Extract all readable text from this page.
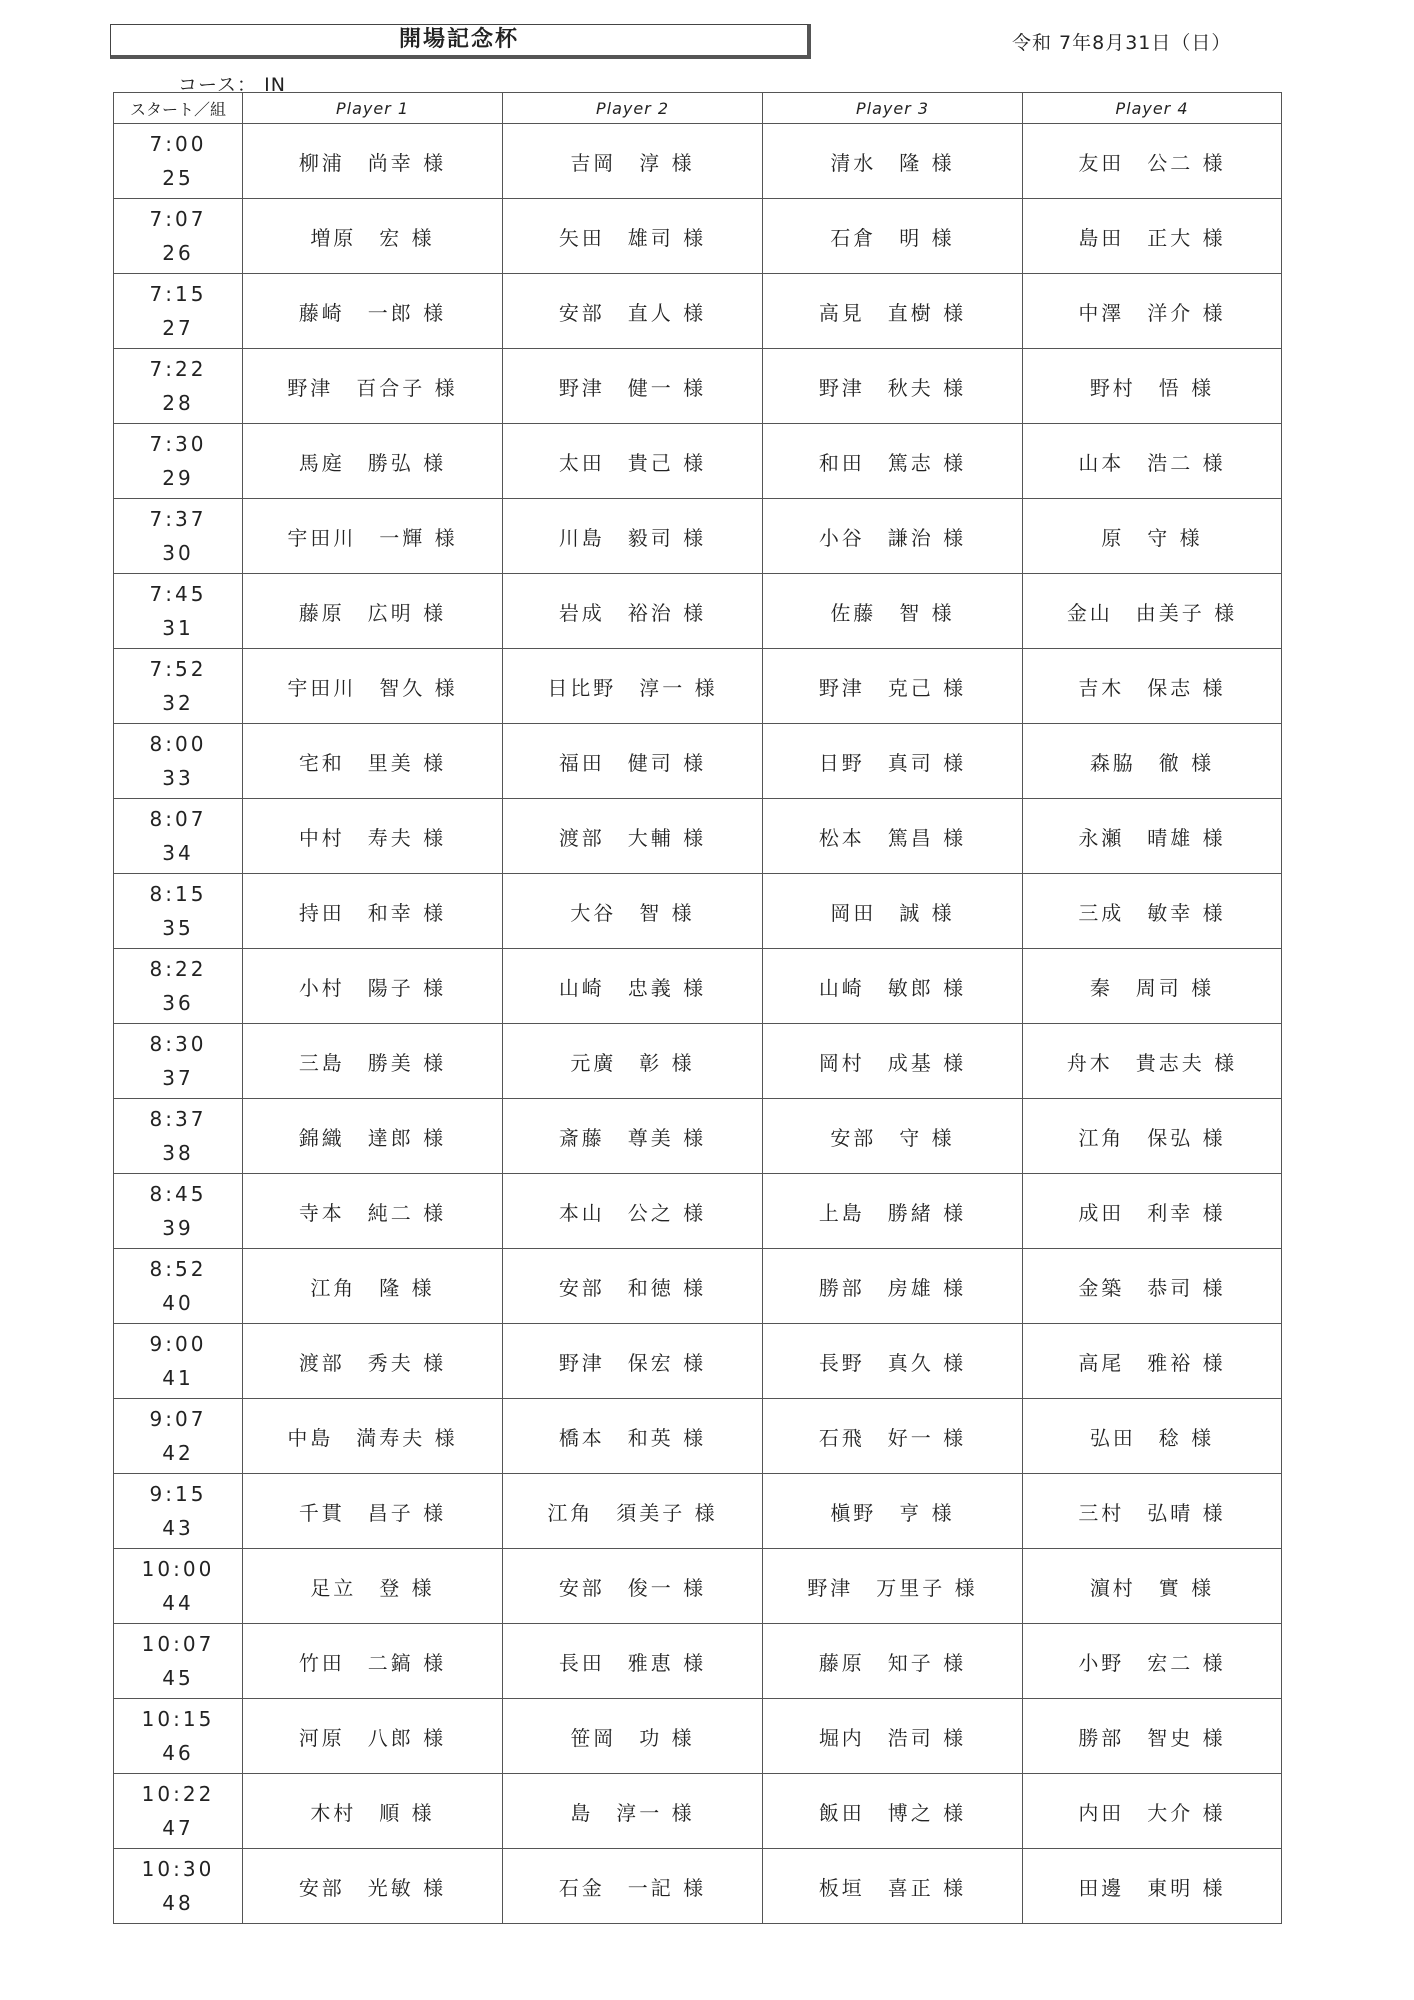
開場記念杯	令和 7年8月31日（日）
コース： IN
スタート／組	Player 1	Player 2	Player 3	Player 4

7:00
25	柳浦　尚幸 様	吉岡　淳 様	清水　隆 様	友田　公二 様

7:07
26	増原　宏 様	矢田　雄司 様	石倉　明 様	島田　正大 様

7:15
27	藤崎　一郎 様	安部　直人 様	高見　直樹 様	中澤　洋介 様

7:22
28	野津　百合子 様	野津　健一 様	野津　秋夫 様	野村　悟 様

7:30
29	馬庭　勝弘 様	太田　貴己 様	和田　篤志 様	山本　浩二 様

7:37
30	宇田川　一輝 様	川島　毅司 様	小谷　謙治 様	原　守 様

7:45
31	藤原　広明 様	岩成　裕治 様	佐藤　智 様	金山　由美子 様

7:52
32	宇田川　智久 様	日比野　淳一 様	野津　克己 様	吉木　保志 様

8:00
33	宅和　里美 様	福田　健司 様	日野　真司 様	森脇　徹 様

8:07
34	中村　寿夫 様	渡部　大輔 様	松本　篤昌 様	永瀬　晴雄 様

8:15
35	持田　和幸 様	大谷　智 様	岡田　誠 様	三成　敏幸 様

8:22
36	小村　陽子 様	山崎　忠義 様	山崎　敏郎 様	秦　周司 様

8:30
37	三島　勝美 様	元廣　彰 様	岡村　成基 様	舟木　貴志夫 様

8:37
38	錦織　達郎 様	斎藤　尊美 様	安部　守 様	江角　保弘 様

8:45
39	寺本　純二 様	本山　公之 様	上島　勝緒 様	成田　利幸 様

8:52
40	江角　隆 様	安部　和徳 様	勝部　房雄 様	金築　恭司 様

9:00
41	渡部　秀夫 様	野津　保宏 様	長野　真久 様	高尾　雅裕 様

9:07
42	中島　満寿夫 様	橋本　和英 様	石飛　好一 様	弘田　稔 様

9:15
43	千貫　昌子 様	江角　須美子 様	槇野　亨 様	三村　弘晴 様

10:00
44	足立　登 様	安部　俊一 様	野津　万里子 様	濵村　實 様

10:07
45	竹田　二鎬 様	長田　雅恵 様	藤原　知子 様	小野　宏二 様

10:15
46	河原　八郎 様	笹岡　功 様	堀内　浩司 様	勝部　智史 様

10:22
47	木村　順 様	島　淳一 様	飯田　博之 様	内田　大介 様

10:30
48	安部　光敏 様	石金　一記 様	板垣　喜正 様	田邊　東明 様
